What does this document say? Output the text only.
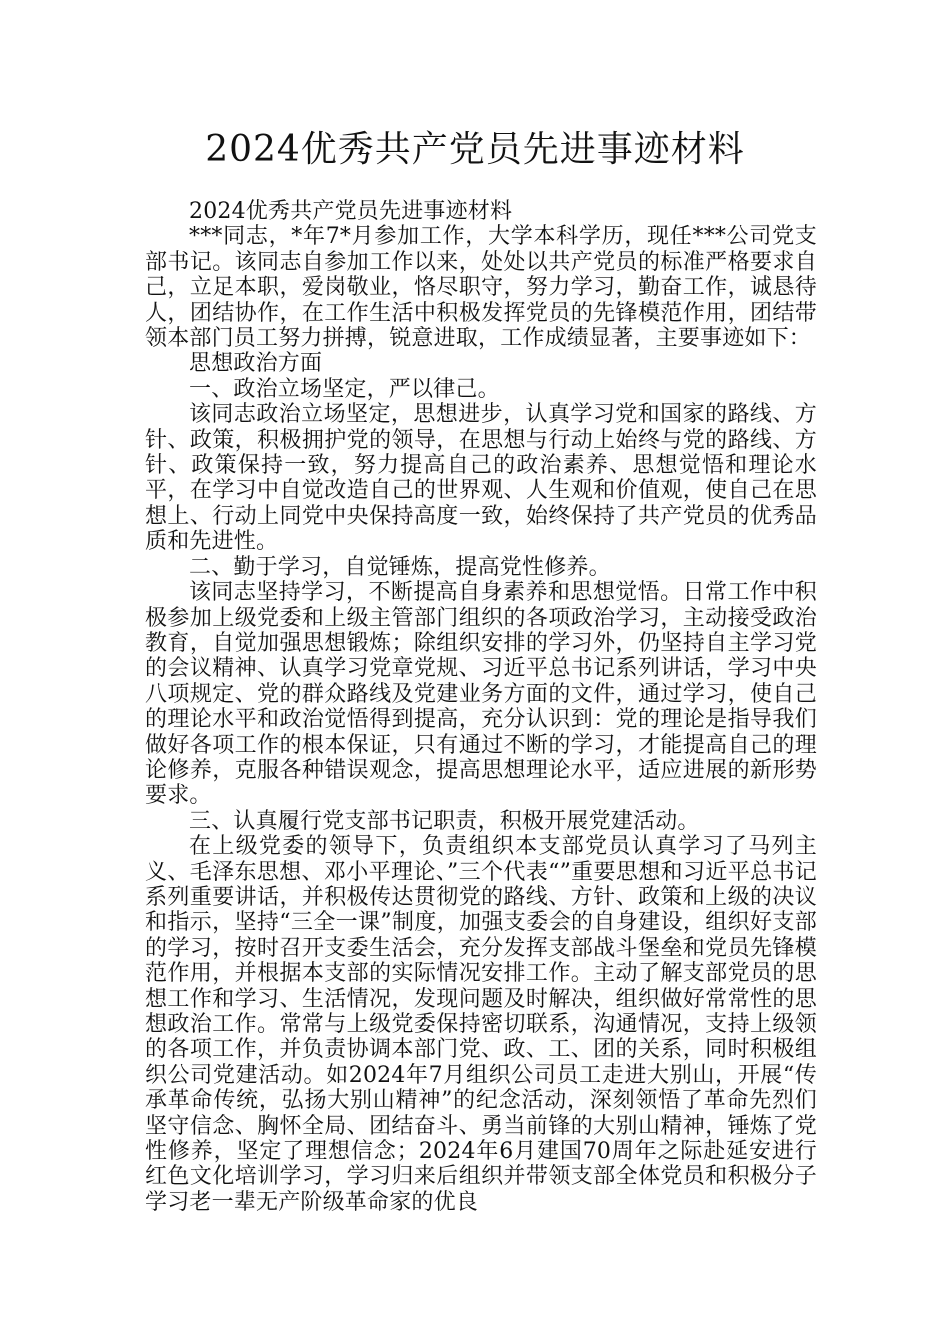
2024优秀共产党员先进事迹材料

2024优秀共产党员先进事迹材料

***同志，*年7*月参加工作，大学本科学历，现任***公司党支部书记。该同志自参加工作以来，处处以共产党员的标准严格要求自己，立足本职，爱岗敬业，恪尽职守，努力学习，勤奋工作，诚恳待人，团结协作，在工作生活中积极发挥党员的先锋模范作用，团结带领本部门员工努力拼搏，锐意进取，工作成绩显著，主要事迹如下：

思想政治方面

一、政治立场坚定，严以律己。

该同志政治立场坚定，思想进步，认真学习党和国家的路线、方针、政策，积极拥护党的领导，在思想与行动上始终与党的路线、方针、政策保持一致，努力提高自己的政治素养、思想觉悟和理论水平，在学习中自觉改造自己的世界观、人生观和价值观，使自己在思想上、行动上同党中央保持高度一致，始终保持了共产党员的优秀品质和先进性。

二、勤于学习，自觉锤炼，提高党性修养。

该同志坚持学习，不断提高自身素养和思想觉悟。日常工作中积极参加上级党委和上级主管部门组织的各项政治学习，主动接受政治教育，自觉加强思想锻炼；除组织安排的学习外，仍坚持自主学习党的会议精神、认真学习党章党规、习近平总书记系列讲话，学习中央八项规定、党的群众路线及党建业务方面的文件，通过学习，使自己的理论水平和政治觉悟得到提高，充分认识到：党的理论是指导我们做好各项工作的根本保证，只有通过不断的学习，才能提高自己的理论修养，克服各种错误观念，提高思想理论水平，适应进展的新形势要求。

三、认真履行党支部书记职责，积极开展党建活动。

在上级党委的领导下，负责组织本支部党员认真学习了马列主义、毛泽东思想、邓小平理论、”三个代表“”重要思想和习近平总书记系列重要讲话，并积极传达贯彻党的路线、方针、政策和上级的决议和指示，坚持“三全一课”制度，加强支委会的自身建设，组织好支部的学习，按时召开支委生活会，充分发挥支部战斗堡垒和党员先锋模范作用，并根据本支部的实际情况安排工作。主动了解支部党员的思想工作和学习、生活情况，发现问题及时解决，组织做好常常性的思想政治工作。常常与上级党委保持密切联系，沟通情况，支持上级领的各项工作，并负责协调本部门党、政、工、团的关系，同时积极组织公司党建活动。如2024年7月组织公司员工走进大别山，开展“传承革命传统，弘扬大别山精神”的纪念活动，深刻领悟了革命先烈们坚守信念、胸怀全局、团结奋斗、勇当前锋的大别山精神，锤炼了党性修养，坚定了理想信念；2024年6月建国70周年之际赴延安进行红色文化培训学习，学习归来后组织并带领支部全体党员和积极分子学习老一辈无产阶级革命家的优良
